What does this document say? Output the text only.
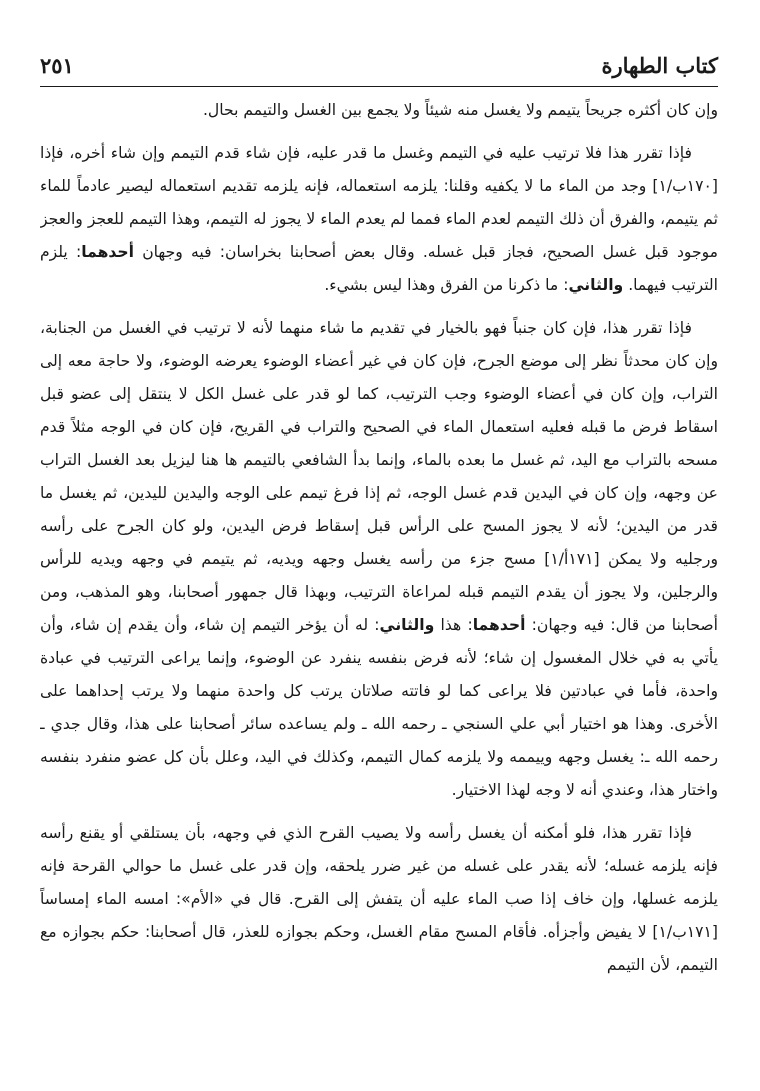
٢٥١	كتاب الطهارة

وإن كان أكثره جريحاً يتيمم ولا يغسل منه شيئاً ولا يجمع بين الغسل والتيمم بحال.

فإذا تقرر هذا فلا ترتيب عليه في التيمم وغسل ما قدر عليه، فإن شاء قدم التيمم وإن شاء أخره، فإذا [١٧٠ب/١] وجد من الماء ما لا يكفيه وقلنا: يلزمه استعماله، فإنه يلزمه تقديم استعماله ليصير عادماً للماء ثم يتيمم، والفرق أن ذلك التيمم لعدم الماء فمما لم يعدم الماء لا يجوز له التيمم، وهذا التيمم للعجز والعجز موجود قبل غسل الصحيح، فجاز قبل غسله. وقال بعض أصحابنا بخراسان: فيه وجهان أحدهما: يلزم الترتيب فيهما. والثاني: ما ذكرنا من الفرق وهذا ليس بشيء.

فإذا تقرر هذا، فإن كان جنباً فهو بالخيار في تقديم ما شاء منهما لأنه لا ترتيب في الغسل من الجنابة، وإن كان محدثاً نظر إلى موضع الجرح، فإن كان في غير أعضاء الوضوء يعرضه الوضوء، ولا حاجة معه إلى التراب، وإن كان في أعضاء الوضوء وجب الترتيب، كما لو قدر على غسل الكل لا ينتقل إلى عضو قبل اسقاط فرض ما قبله فعليه استعمال الماء في الصحيح والتراب في القريح، فإن كان في الوجه مثلاً قدم مسحه بالتراب مع اليد، ثم غسل ما بعده بالماء، وإنما بدأ الشافعي بالتيمم ها هنا ليزيل بعد الغسل التراب عن وجهه، وإن كان في اليدين قدم غسل الوجه، ثم إذا فرغ تيمم على الوجه واليدين لليدين، ثم يغسل ما قدر من اليدين؛ لأنه لا يجوز المسح على الرأس قبل إسقاط فرض اليدين، ولو كان الجرح على رأسه ورجليه ولا يمكن [١٧١أ/١] مسح جزء من رأسه يغسل وجهه ويديه، ثم يتيمم في وجهه ويديه للرأس والرجلين، ولا يجوز أن يقدم التيمم قبله لمراعاة الترتيب، وبهذا قال جمهور أصحابنا، وهو المذهب، ومن أصحابنا من قال: فيه وجهان: أحدهما: هذا والثاني: له أن يؤخر التيمم إن شاء، وأن يقدم إن شاء، وأن يأتي به في خلال المغسول إن شاء؛ لأنه فرض بنفسه ينفرد عن الوضوء، وإنما يراعى الترتيب في عبادة واحدة، فأما في عبادتين فلا يراعى كما لو فاتته صلاتان يرتب كل واحدة منهما ولا يرتب إحداهما على الأخرى. وهذا هو اختيار أبي علي السنجي ـ رحمه الله ـ ولم يساعده سائر أصحابنا على هذا، وقال جدي ـ رحمه الله ـ: يغسل وجهه وييممه ولا يلزمه كمال التيمم، وكذلك في اليد، وعلل بأن كل عضو منفرد بنفسه واختار هذا، وعندي أنه لا وجه لهذا الاختيار.

فإذا تقرر هذا، فلو أمكنه أن يغسل رأسه ولا يصيب القرح الذي في وجهه، بأن يستلقي أو يقنع رأسه فإنه يلزمه غسله؛ لأنه يقدر على غسله من غير ضرر يلحقه، وإن قدر على غسل ما حوالي القرحة فإنه يلزمه غسلها، وإن خاف إذا صب الماء عليه أن يتفش إلى القرح. قال في «الأم»: امسه الماء إمساساً [١٧١ب/١] لا يفيض وأجزأه. فأقام المسح مقام الغسل، وحكم بجوازه للعذر، قال أصحابنا: حكم بجوازه مع التيمم، لأن التيمم
